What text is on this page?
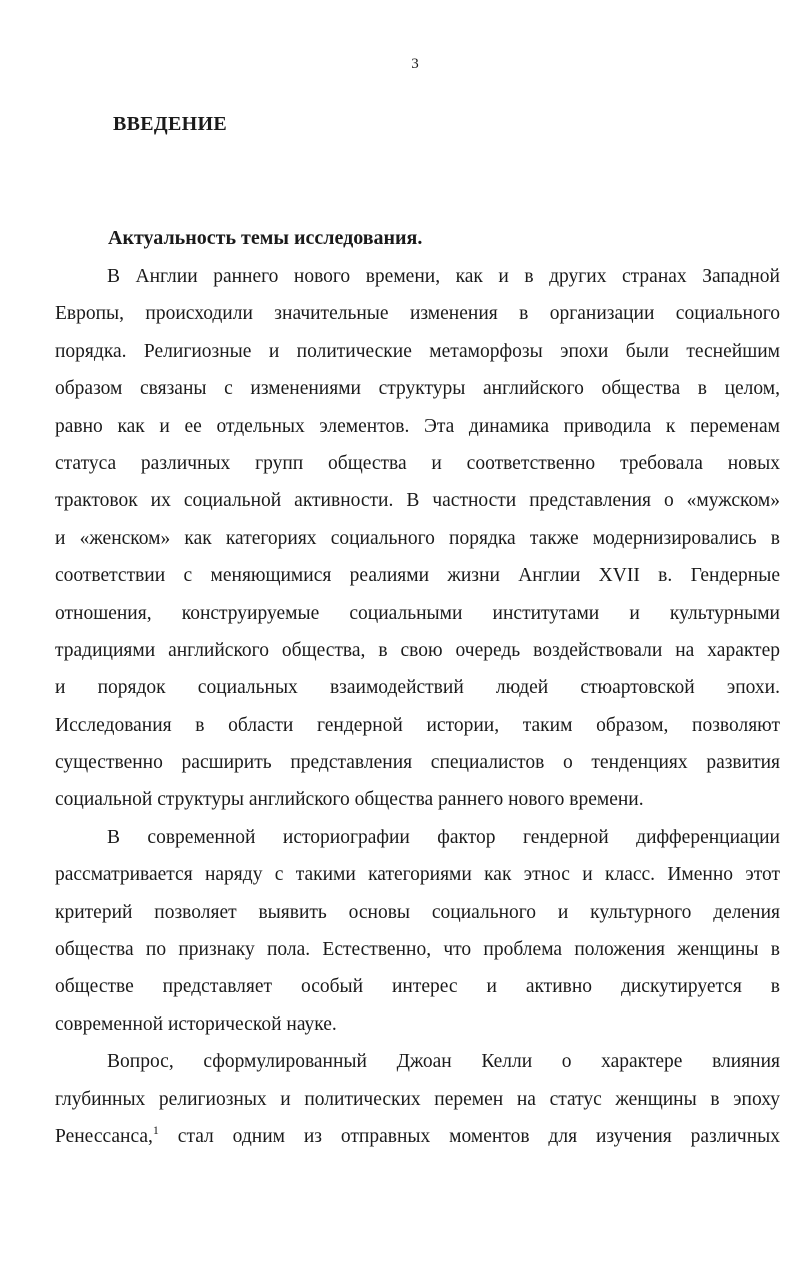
3
ВВЕДЕНИЕ
Актуальность темы исследования.
В Англии раннего нового времени, как и в других странах Западной
Европы, происходили значительные изменения в организации социального
порядка. Религиозные и политические метаморфозы эпохи были теснейшим
образом связаны с изменениями структуры английского общества в целом,
равно как и ее отдельных элементов. Эта динамика приводила к переменам
статуса различных групп общества и соответственно требовала новых
трактовок их социальной активности. В частности представления о «мужском»
и «женском» как категориях социального порядка также модернизировались в
соответствии с меняющимися реалиями жизни Англии XVII в. Гендерные
отношения, конструируемые социальными институтами и культурными
традициями английского общества, в свою очередь воздействовали на характер
и порядок социальных взаимодействий людей стюартовской эпохи.
Исследования в области гендерной истории, таким образом, позволяют
существенно расширить представления специалистов о тенденциях развития
социальной структуры английского общества раннего нового времени.
В современной историографии фактор гендерной дифференциации
рассматривается наряду с такими категориями как этнос и класс. Именно этот
критерий позволяет выявить основы социального и культурного деления
общества по признаку пола. Естественно, что проблема положения женщины в
обществе представляет особый интерес и активно дискутируется в
современной исторической науке.
Вопрос, сформулированный Джоан Келли о характере влияния
глубинных религиозных и политических перемен на статус женщины в эпоху
Ренессанса,$^1$ стал одним из отправных моментов для изучения различных
